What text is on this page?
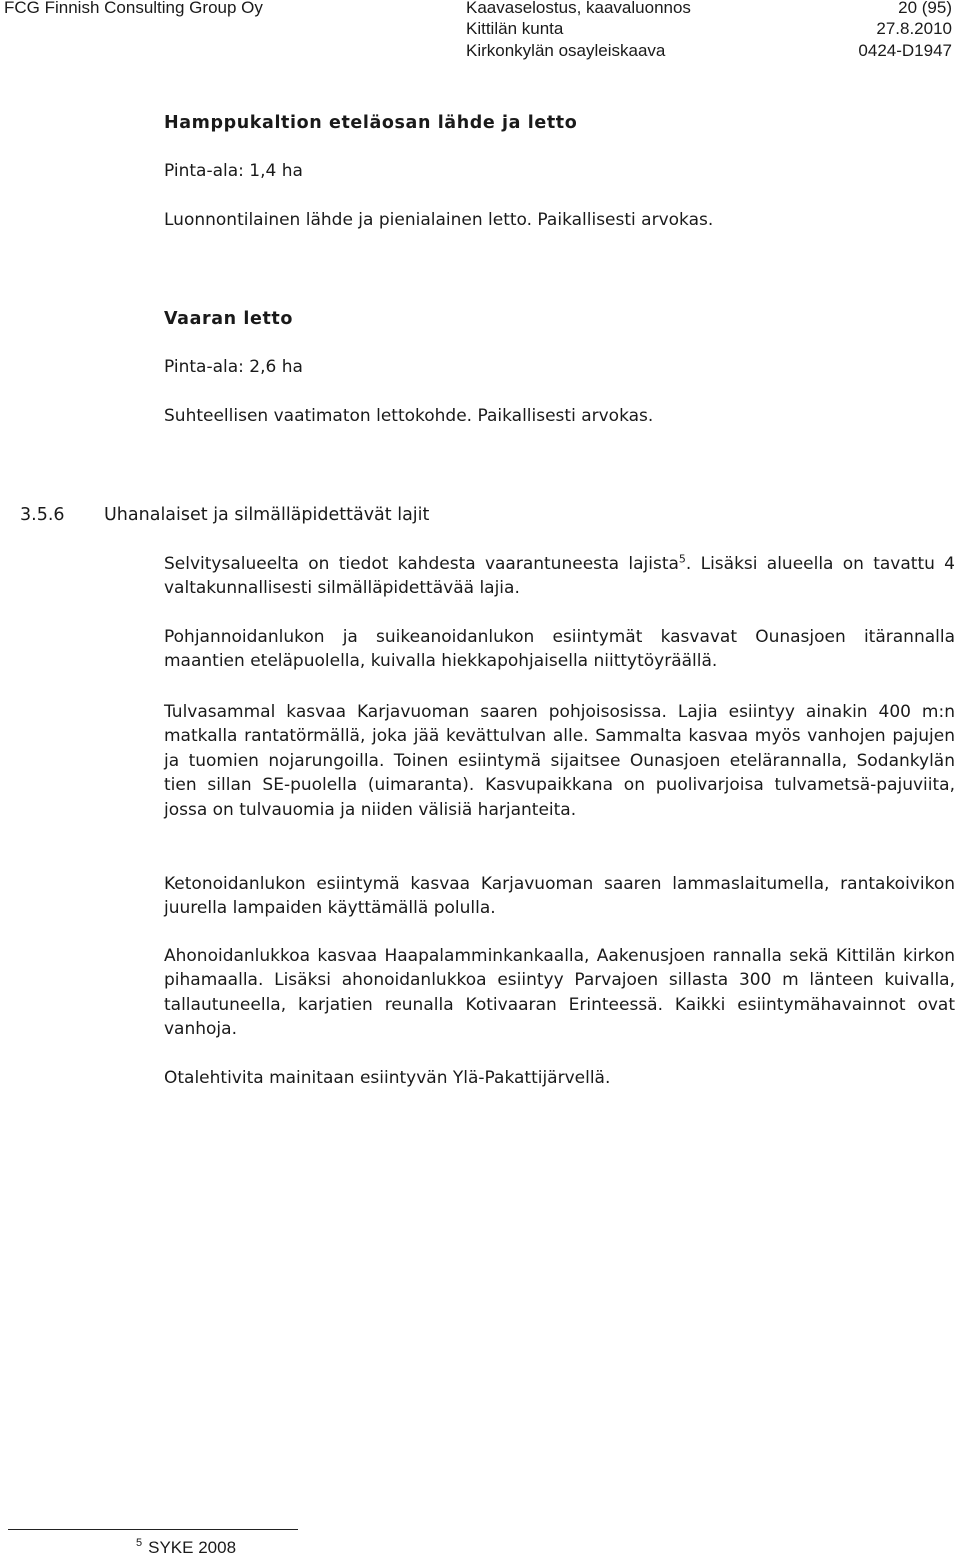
FCG Finnish Consulting Group Oy	Kaavaselostus, kaavaluonnos	20 (95)
Kittilän kunta	27.8.2010
Kirkonkylän osayleiskaava	0424-D1947
Hamppukaltion eteläosan lähde ja letto
Pinta-ala: 1,4 ha
Luonnontilainen lähde ja pienialainen letto. Paikallisesti arvokas.
Vaaran letto
Pinta-ala: 2,6 ha
Suhteellisen vaatimaton lettokohde. Paikallisesti arvokas.
3.5.6 Uhanalaiset ja silmälläpidettävät lajit

Selvitysalueelta on tiedot kahdesta vaarantuneesta lajista$^5$. Lisäksi alueella on tavattu 4 valtakunnallisesti silmälläpidettävää lajia.

Pohjannoidanlukon ja suikeanoidanlukon esiintymät kasvavat Ounasjoen itärannalla maantien eteläpuolella, kuivalla hiekkapohjaisella niittytöyräällä.

Tulvasammal kasvaa Karjavuoman saaren pohjoisosissa. Lajia esiintyy ainakin 400 m:n matkalla rantatörmällä, joka jää kevättulvan alle. Sammalta kasvaa myös vanhojen pajujen ja tuomien nojarungoilla. Toinen esiintymä sijaitsee Ounasjoen etelärannalla, Sodankylän tien sillan SE-puolella (uimaranta). Kasvupaikkana on puolivarjoisa tulvametsä-pajuviita, jossa on tulvauomia ja niiden välisiä harjanteita.

Ketonoidanlukon esiintymä kasvaa Karjavuoman saaren lammaslaitumella, rantakoivikon juurella lampaiden käyttämällä polulla.

Ahonoidanlukkoa kasvaa Haapalamminkankaalla, Aakenusjoen rannalla sekä Kittilän kirkon pihamaalla. Lisäksi ahonoidanlukkoa esiintyy Parvajoen sillasta 300 m länteen kuivalla, tallautuneella, karjatien reunalla Kotivaaran Erinteessä. Kaikki esiintymähavainnot ovat vanhoja.

Otalehtivita mainitaan esiintyvän Ylä-Pakattijärvellä.

$^5$ SYKE 2008
